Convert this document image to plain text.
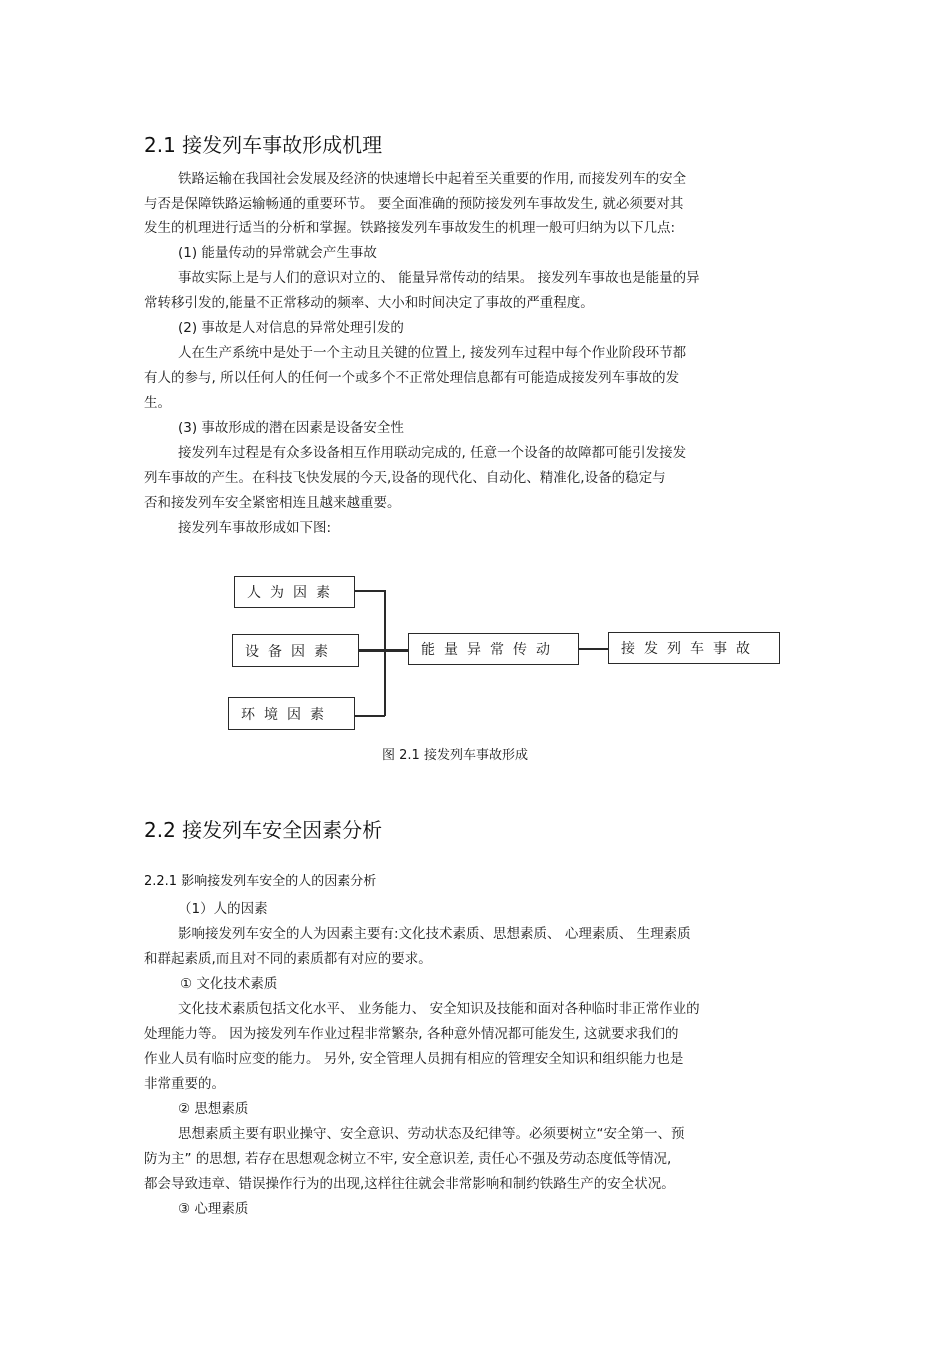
2.1 接发列车事故形成机理
铁路运输在我国社会发展及经济的快速增长中起着至关重要的作用, 而接发列车的安全
与否是保障铁路运输畅通的重要环节。 要全面准确的预防接发列车事故发生, 就必须要对其
发生的机理进行适当的分析和掌握。铁路接发列车事故发生的机理一般可归纳为以下几点:
(1) 能量传动的异常就会产生事故
事故实际上是与人们的意识对立的、 能量异常传动的结果。 接发列车事故也是能量的异
常转移引发的,能量不正常移动的频率、大小和时间决定了事故的严重程度。
(2) 事故是人对信息的异常处理引发的
人在生产系统中是处于一个主动且关键的位置上, 接发列车过程中每个作业阶段环节都
有人的参与, 所以任何人的任何一个或多个不正常处理信息都有可能造成接发列车事故的发
生。
(3) 事故形成的潜在因素是设备安全性
接发列车过程是有众多设备相互作用联动完成的, 任意一个设备的故障都可能引发接发
列车事故的产生。在科技飞快发展的今天,设备的现代化、自动化、精准化,设备的稳定与
否和接发列车安全紧密相连且越来越重要。
接发列车事故形成如下图:
人为因素
设备因素
环境因素
能量异常传动	接发列车事故
图 2.1 接发列车事故形成
2.2 接发列车安全因素分析
2.2.1 影响接发列车安全的人的因素分析
（1）人的因素
影响接发列车安全的人为因素主要有:文化技术素质、思想素质、 心理素质、 生理素质
和群起素质,而且对不同的素质都有对应的要求。
① 文化技术素质
文化技术素质包括文化水平、 业务能力、 安全知识及技能和面对各种临时非正常作业的
处理能力等。 因为接发列车作业过程非常繁杂, 各种意外情况都可能发生, 这就要求我们的
作业人员有临时应变的能力。 另外, 安全管理人员拥有相应的管理安全知识和组织能力也是
非常重要的。
② 思想素质
思想素质主要有职业操守、安全意识、劳动状态及纪律等。必须要树立“安全第一、预
防为主” 的思想, 若存在思想观念树立不牢, 安全意识差, 责任心不强及劳动态度低等情况,
都会导致违章、错误操作行为的出现,这样往往就会非常影响和制约铁路生产的安全状况。
③ 心理素质
